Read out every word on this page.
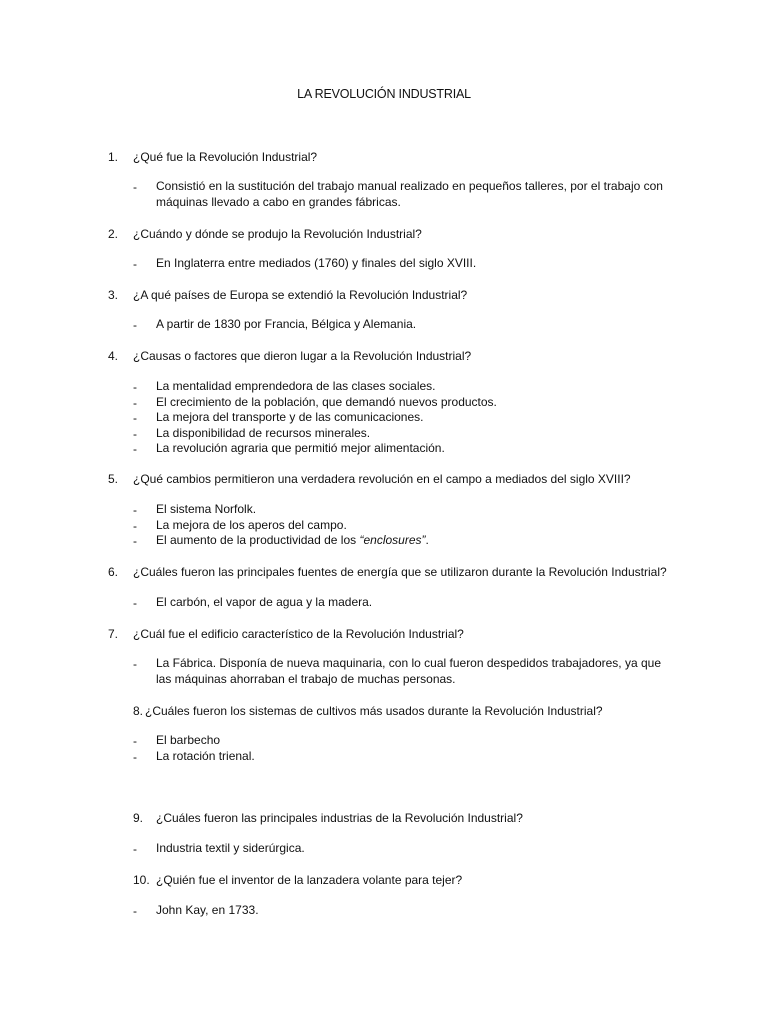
LA REVOLUCIÓN INDUSTRIAL
1. ¿Qué fue la Revolución Industrial?
- Consistió en la sustitución del trabajo manual realizado en pequeños talleres, por el trabajo con
máquinas llevado a cabo en grandes fábricas.
2. ¿Cuándo y dónde se produjo la Revolución Industrial?
- En Inglaterra entre mediados (1760) y finales del siglo XVIII.
3. ¿A qué países de Europa se extendió la Revolución Industrial?
- A partir de 1830 por Francia, Bélgica y Alemania.
4. ¿Causas o factores que dieron lugar a la Revolución Industrial?
- La mentalidad emprendedora de las clases sociales.
- El crecimiento de la población, que demandó nuevos productos.
- La mejora del transporte y de las comunicaciones.
- La disponibilidad de recursos minerales.
- La revolución agraria que permitió mejor alimentación.
5. ¿Qué cambios permitieron una verdadera revolución en el campo a mediados del siglo XVIII?
- El sistema Norfolk.
- La mejora de los aperos del campo.
- El aumento de la productividad de los “enclosures”.
6. ¿Cuáles fueron las principales fuentes de energía que se utilizaron durante la Revolución Industrial?
- El carbón, el vapor de agua y la madera.
7. ¿Cuál fue el edificio característico de la Revolución Industrial?
- La Fábrica. Disponía de nueva maquinaria, con lo cual fueron despedidos trabajadores, ya que
las máquinas ahorraban el trabajo de muchas personas.
8. ¿Cuáles fueron los sistemas de cultivos más usados durante la Revolución Industrial?
- El barbecho
- La rotación trienal.
9. ¿Cuáles fueron las principales industrias de la Revolución Industrial?
- Industria textil y siderúrgica.
10. ¿Quién fue el inventor de la lanzadera volante para tejer?
- John Kay, en 1733.
